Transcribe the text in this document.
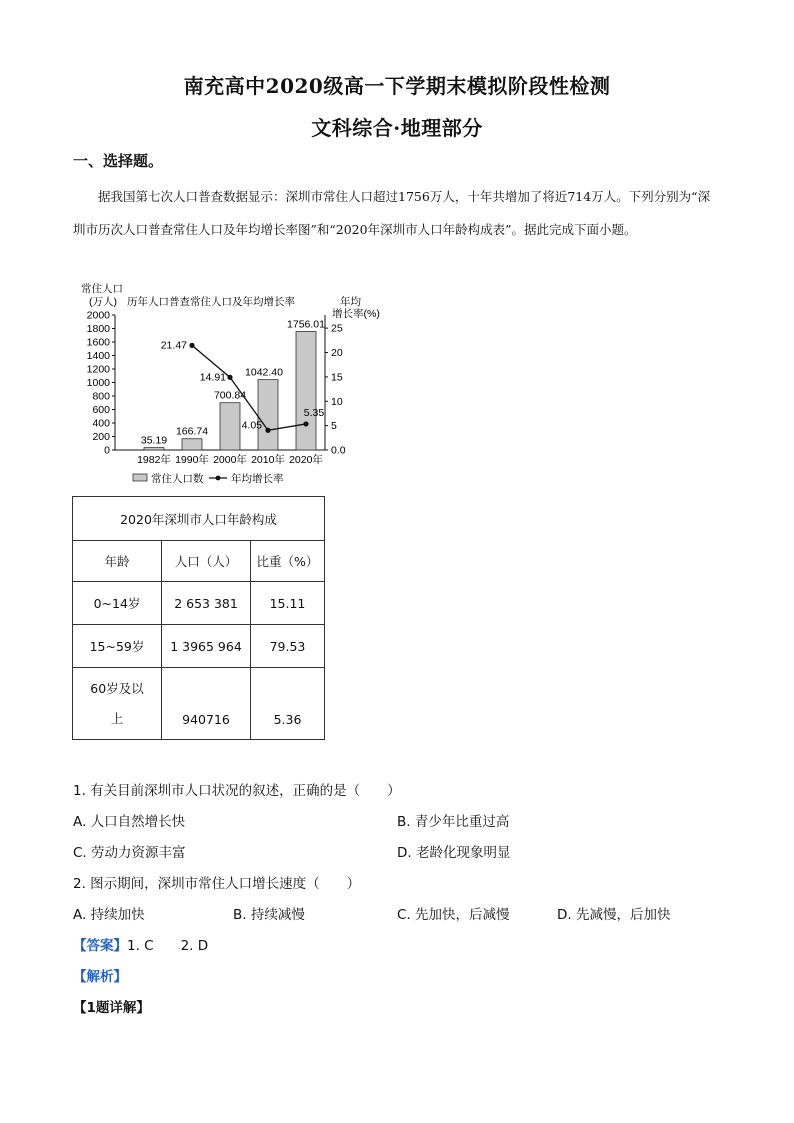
南充高中2020级高一下学期末模拟阶段性检测
文科综合·地理部分
一、选择题。
据我国第七次人口普查数据显示：深圳市常住人口超过1756万人，十年共增加了将近714万人。下列分别为“深圳市历次人口普查常住人口及年均增长率图”和“2020年深圳市人口年龄构成表”。据此完成下面小题。
常住人口
(万人) 历年人口普查常住人口及年均增长率	年均
增长率(%)
0
200
400
600
800
1000
1200
1400
1600
1800
2000
0.0
5
10
15
20
25
35.19
166.74
700.84
1042.40
1756.01
21.47
14.91
4.05
5.35
1982年 1990年 2000年 2010年 2020年
常住人口数	年均增长率
2020年深圳市人口年龄构成		
年龄	人口（人）	比重（%）
0~14岁	2 653 381	15.11
15~59岁	1 3965 964	79.53

60岁及以
上	940716	5.36
1. 有关目前深圳市人口状况的叙述，正确的是（　　）
A. 人口自然增长快	B. 青少年比重过高
C. 劳动力资源丰富	D. 老龄化现象明显
2. 图示期间，深圳市常住人口增长速度（　　）
A. 持续加快	B. 持续减慢	C. 先加快，后减慢	D. 先减慢，后加快
【答案】1. C　　2. D
【解析】
【1题详解】
